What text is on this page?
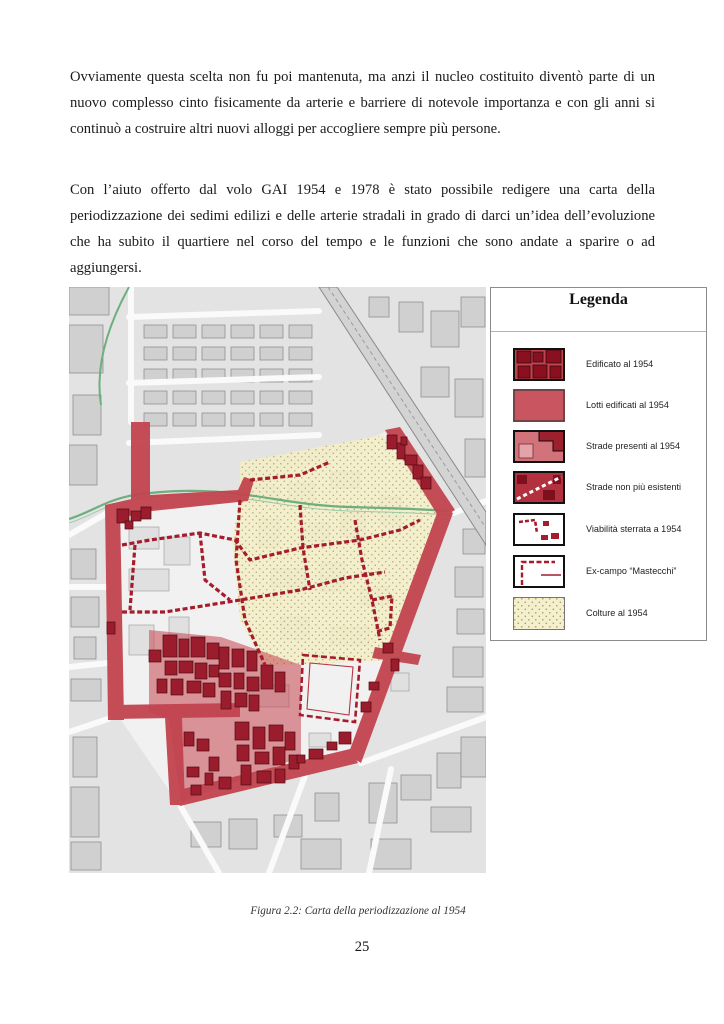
Ovviamente questa scelta non fu poi mantenuta, ma anzi il nucleo costituito diventò parte di un
nuovo complesso cinto fisicamente da arterie e barriere di notevole importanza e con gli anni si
continuò a costruire altri nuovi alloggi per accogliere sempre più persone.
Con l’aiuto offerto dal volo GAI 1954 e 1978 è stato possibile redigere una carta della
periodizzazione dei sedimi edilizi e delle arterie stradali in grado di darci un’idea dell’evoluzione
che ha subito il quartiere nel corso del tempo e le funzioni che sono andate a sparire o ad
aggiungersi.
Legenda
Edificato al 1954
Lotti edificati al 1954
Strade presenti al 1954
Strade non più esistenti
Viabilità sterrata a 1954
Ex-campo “Mastecchi”
Colture al 1954
Figura 2.2: Carta della periodizzazione al 1954
25
